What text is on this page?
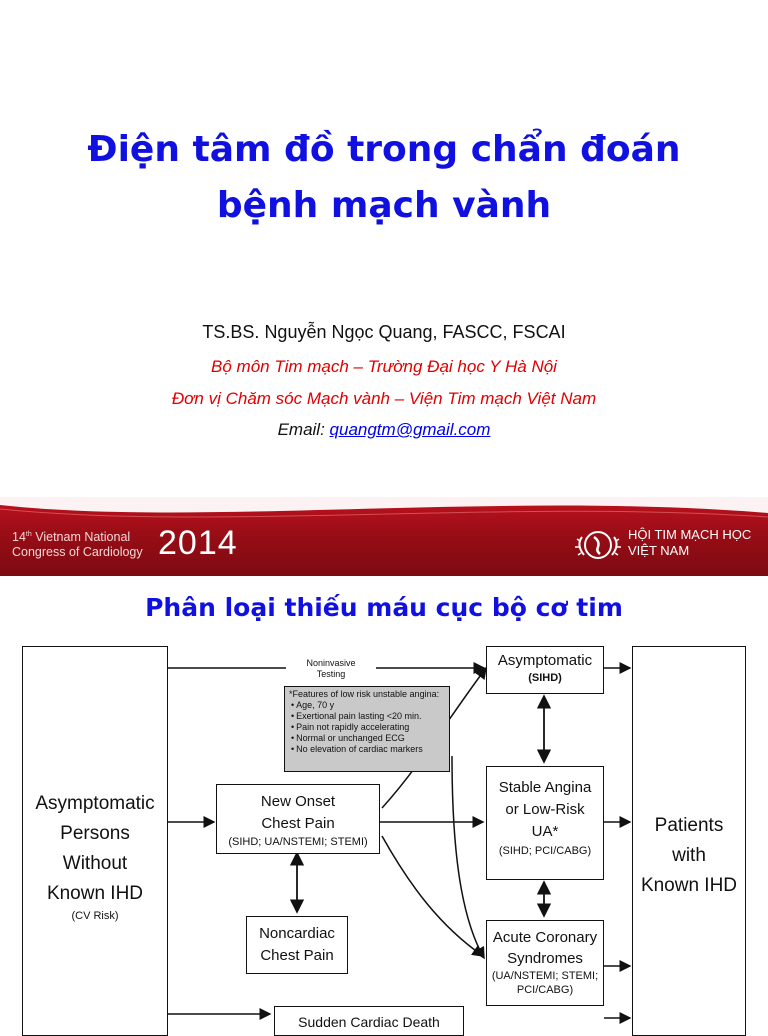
Điện tâm đồ trong chẩn đoán
bệnh mạch vành
TS.BS. Nguyễn Ngọc Quang, FASCC, FSCAI
Bộ môn Tim mạch – Trường Đại học Y Hà Nội
Đơn vị Chăm sóc Mạch vành – Viện Tim mạch Việt Nam
Email: quangtm@gmail.com
14th Vietnam National
Congress of Cardiology 2014	HỘI TIM MẠCH HỌC
VIỆT NAM
Phân loại thiếu máu cục bộ cơ tim
Asymptomatic
Persons
Without
Known IHD
(CV Risk)
Patients
with
Known IHD
Noninvasive
Testing
*Features of low risk unstable angina:
• Age, 70 y
• Exertional pain lasting <20 min.
• Pain not rapidly accelerating
• Normal or unchanged ECG
• No elevation of cardiac markers
New Onset
Chest Pain
(SIHD; UA/NSTEMI; STEMI)
Noncardiac
Chest Pain
Sudden Cardiac Death
Asymptomatic
(SIHD)
Stable Angina
or Low-Risk
UA*
(SIHD; PCI/CABG)
Acute Coronary
Syndromes
(UA/NSTEMI; STEMI;
PCI/CABG)
